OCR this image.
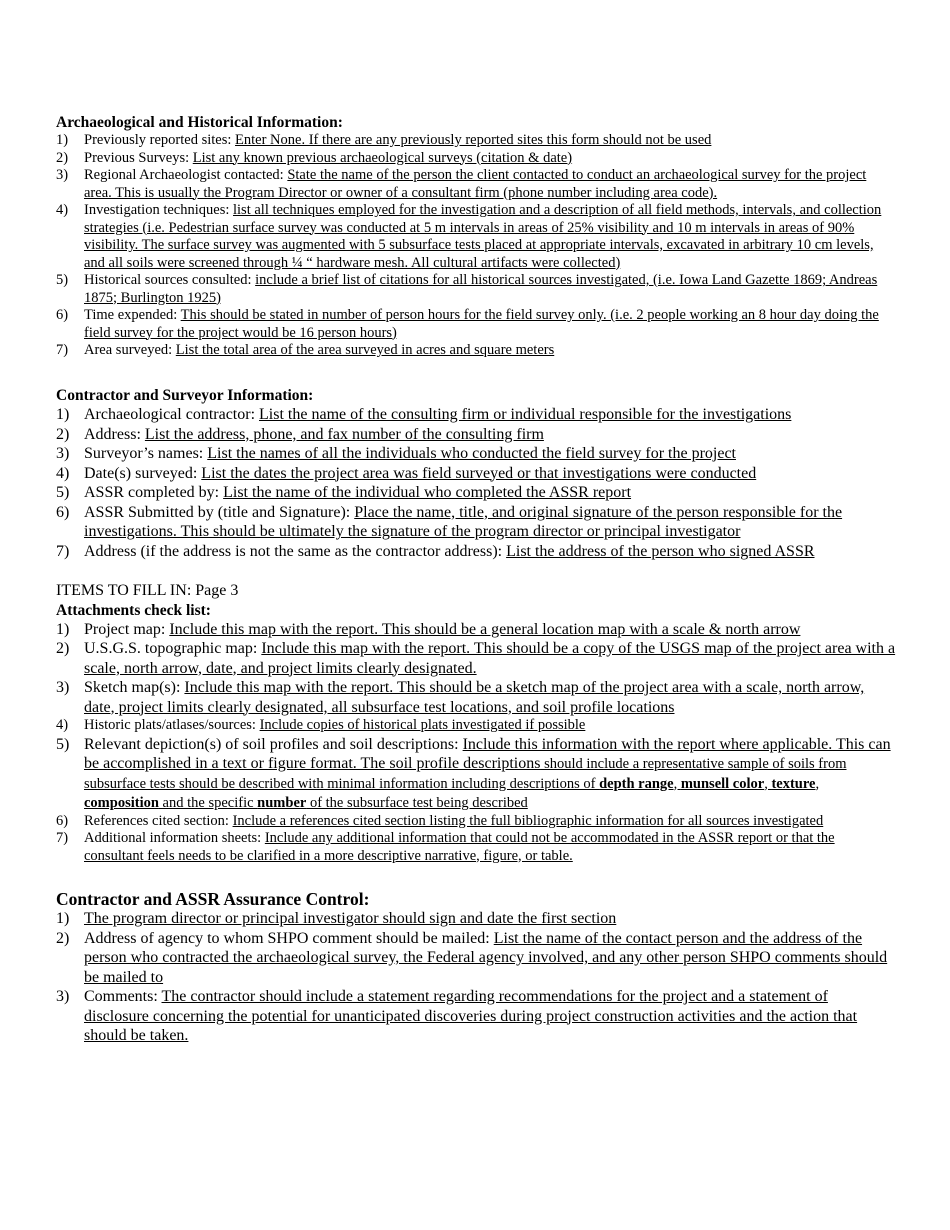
Archaeological and Historical Information:
1)	Previously reported sites: Enter None. If there are any previously reported sites this form should not be used
2)	Previous Surveys: List any known previous archaeological surveys (citation & date)
3)	Regional Archaeologist contacted: State the name of the person the client contacted to conduct an archaeological survey for the project area. This is usually the Program Director or owner of a consultant firm (phone number including area code).
4)	Investigation techniques: list all techniques employed for the investigation and a description of all field methods, intervals, and collection strategies (i.e. Pedestrian surface survey was conducted at 5 m intervals in areas of 25% visibility and 10 m intervals in areas of 90% visibility. The surface survey was augmented with 5 subsurface tests placed at appropriate intervals, excavated in arbitrary 10 cm levels, and all soils were screened through ¼ “ hardware mesh. All cultural artifacts were collected)
5)	Historical sources consulted: include a brief list of citations for all historical sources investigated, (i.e. Iowa Land Gazette 1869; Andreas 1875; Burlington 1925)
6)	Time expended: This should be stated in number of person hours for the field survey only. (i.e. 2 people working an 8 hour day doing the field survey for the project would be 16 person hours)
7)	Area surveyed: List the total area of the area surveyed in acres and square meters
Contractor and Surveyor Information:
1) Archaeological contractor: List the name of the consulting firm or individual responsible for the investigations
2) Address: List the address, phone, and fax number of the consulting firm
3) Surveyor’s names: List the names of all the individuals who conducted the field survey for the project
4) Date(s) surveyed: List the dates the project area was field surveyed or that investigations were conducted
5) ASSR completed by: List the name of the individual who completed the ASSR report
6) ASSR Submitted by (title and Signature): Place the name, title, and original signature of the person responsible for the investigations. This should be ultimately the signature of the program director or principal investigator
7) Address (if the address is not the same as the contractor address): List the address of the person who signed ASSR
ITEMS TO FILL IN: Page 3
Attachments check list:
1) Project map: Include this map with the report. This should be a general location map with a scale & north arrow
2) U.S.G.S. topographic map: Include this map with the report. This should be a copy of the USGS map of the project area with a scale, north arrow, date, and project limits clearly designated.
3) Sketch map(s): Include this map with the report. This should be a sketch map of the project area with a scale, north arrow, date, project limits clearly designated, all subsurface test locations, and soil profile locations
4)	Historic plats/atlases/sources: Include copies of historical plats investigated if possible
5) Relevant depiction(s) of soil profiles and soil descriptions: Include this information with the report where applicable. This can be accomplished in a text or figure format. The soil profile descriptions should include a representative sample of soils from subsurface tests should be described with minimal information including descriptions of depth range, munsell color, texture, composition and the specific number of the subsurface test being described
6)	References cited section: Include a references cited section listing the full bibliographic information for all sources investigated
7)	Additional information sheets: Include any additional information that could not be accommodated in the ASSR report or that the consultant feels needs to be clarified in a more descriptive narrative, figure, or table.
Contractor and ASSR Assurance Control:
1) The program director or principal investigator should sign and date the first section
2) Address of agency to whom SHPO comment should be mailed: List the name of the contact person and the address of the person who contracted the archaeological survey, the Federal agency involved, and any other person SHPO comments should be mailed to
3) Comments: The contractor should include a statement regarding recommendations for the project and a statement of disclosure concerning the potential for unanticipated discoveries during project construction activities and the action that should be taken.
